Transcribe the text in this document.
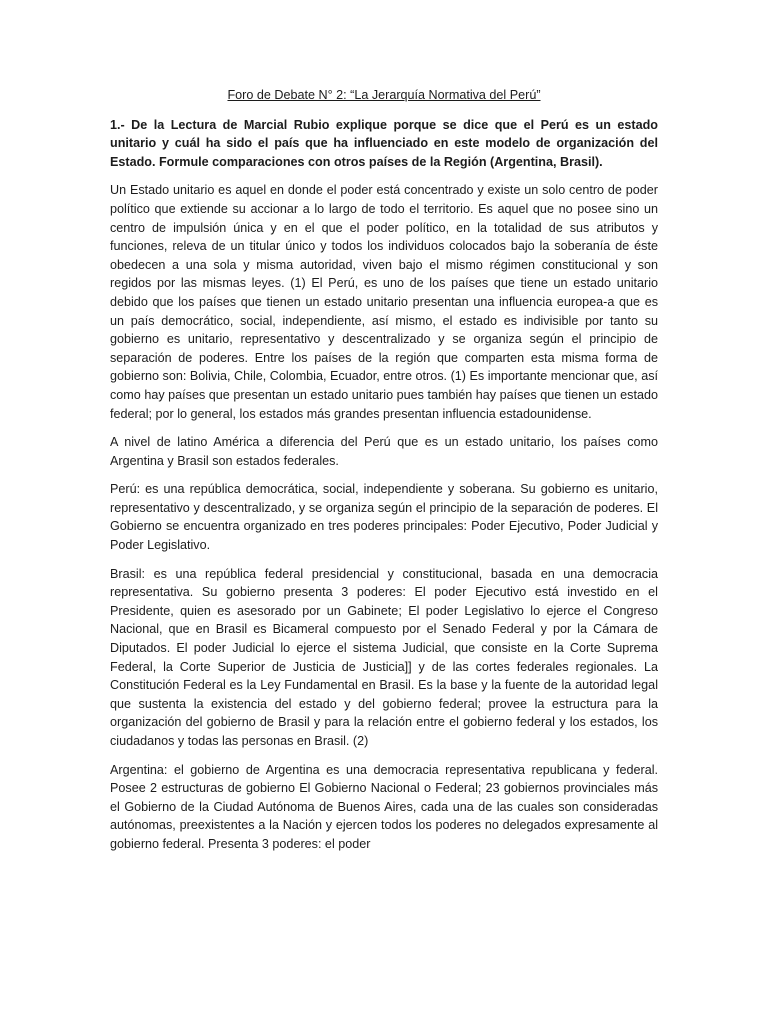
Foro de Debate N° 2: “La Jerarquía Normativa del Perú”

1.- De la Lectura de Marcial Rubio explique porque se dice que el Perú es un estado unitario y cuál ha sido el país que ha influenciado en este modelo de organización del Estado. Formule comparaciones con otros países de la Región (Argentina, Brasil).

Un Estado unitario es aquel en donde el poder está concentrado y existe un solo centro de poder político que extiende su accionar a lo largo de todo el territorio. Es aquel que no posee sino un centro de impulsión única y en el que el poder político, en la totalidad de sus atributos y funciones, releva de un titular único y todos los individuos colocados bajo la soberanía de éste obedecen a una sola y misma autoridad, viven bajo el mismo régimen constitucional y son regidos por las mismas leyes. (1) El Perú, es uno de los países que tiene un estado unitario debido que los países que tienen un estado unitario presentan una influencia europea-a que es un país democrático, social, independiente, así mismo, el estado es indivisible por tanto su gobierno es unitario, representativo y descentralizado y se organiza según el principio de separación de poderes. Entre los países de la región que comparten esta misma forma de gobierno son: Bolivia, Chile, Colombia, Ecuador, entre otros. (1) Es importante mencionar que, así como hay países que presentan un estado unitario pues también hay países que tienen un estado federal; por lo general, los estados más grandes presentan influencia estadounidense.

A nivel de latino América a diferencia del Perú que es un estado unitario, los países como Argentina y Brasil son estados federales.

Perú: es una república democrática, social, independiente y soberana. Su gobierno es unitario, representativo y descentralizado, y se organiza según el principio de la separación de poderes. El Gobierno se encuentra organizado en tres poderes principales: Poder Ejecutivo, Poder Judicial y Poder Legislativo.

Brasil: es una república federal presidencial y constitucional, basada en una democracia representativa. Su gobierno presenta 3 poderes: El poder Ejecutivo está investido en el Presidente, quien es asesorado por un Gabinete; El poder Legislativo lo ejerce el Congreso Nacional, que en Brasil es Bicameral compuesto por el Senado Federal y por la Cámara de Diputados. El poder Judicial lo ejerce el sistema Judicial, que consiste en la Corte Suprema Federal, la Corte Superior de Justicia de Justicia]] y de las cortes federales regionales. La Constitución Federal es la Ley Fundamental en Brasil. Es la base y la fuente de la autoridad legal que sustenta la existencia del estado y del gobierno federal; provee la estructura para la organización del gobierno de Brasil y para la relación entre el gobierno federal y los estados, los ciudadanos y todas las personas en Brasil. (2)

Argentina: el gobierno de Argentina es una democracia representativa republicana y federal. Posee 2 estructuras de gobierno El Gobierno Nacional o Federal; 23 gobiernos provinciales más el Gobierno de la Ciudad Autónoma de Buenos Aires, cada una de las cuales son consideradas autónomas, preexistentes a la Nación y ejercen todos los poderes no delegados expresamente al gobierno federal. Presenta 3 poderes: el poder
